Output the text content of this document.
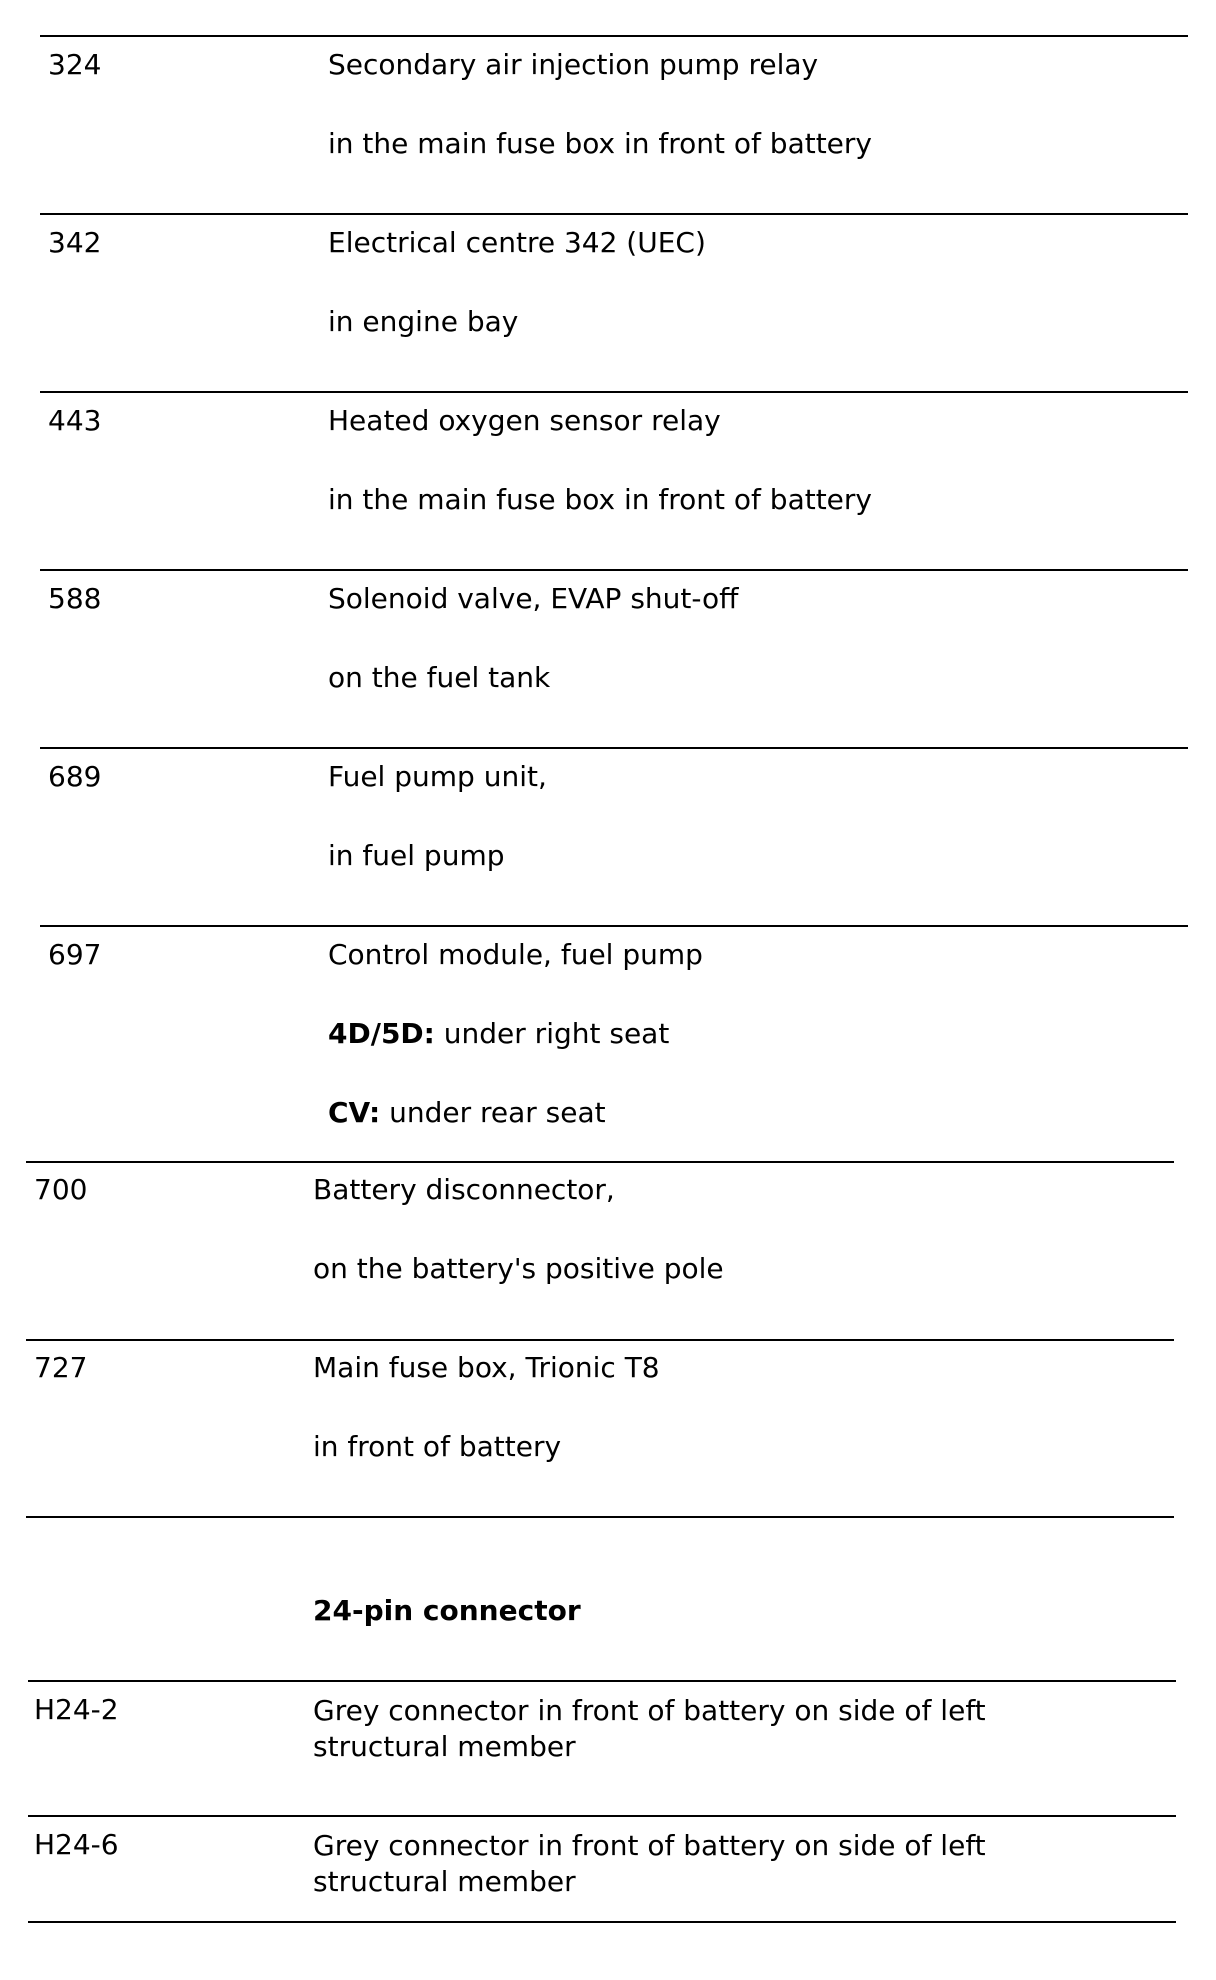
324	Secondary air injection pump relay
in the main fuse box in front of battery
342	Electrical centre 342 (UEC)
in engine bay
443	Heated oxygen sensor relay
in the main fuse box in front of battery
588	Solenoid valve, EVAP shut-off
on the fuel tank
689	Fuel pump unit,
in fuel pump
697	Control module, fuel pump
4D/5D: under right seat
CV: under rear seat
700	Battery disconnector,
on the battery's positive pole
727	Main fuse box, Trionic T8
in front of battery
24-pin connector
H24-2	Grey connector in front of battery on side of left structural member
H24-6	Grey connector in front of battery on side of left structural member
